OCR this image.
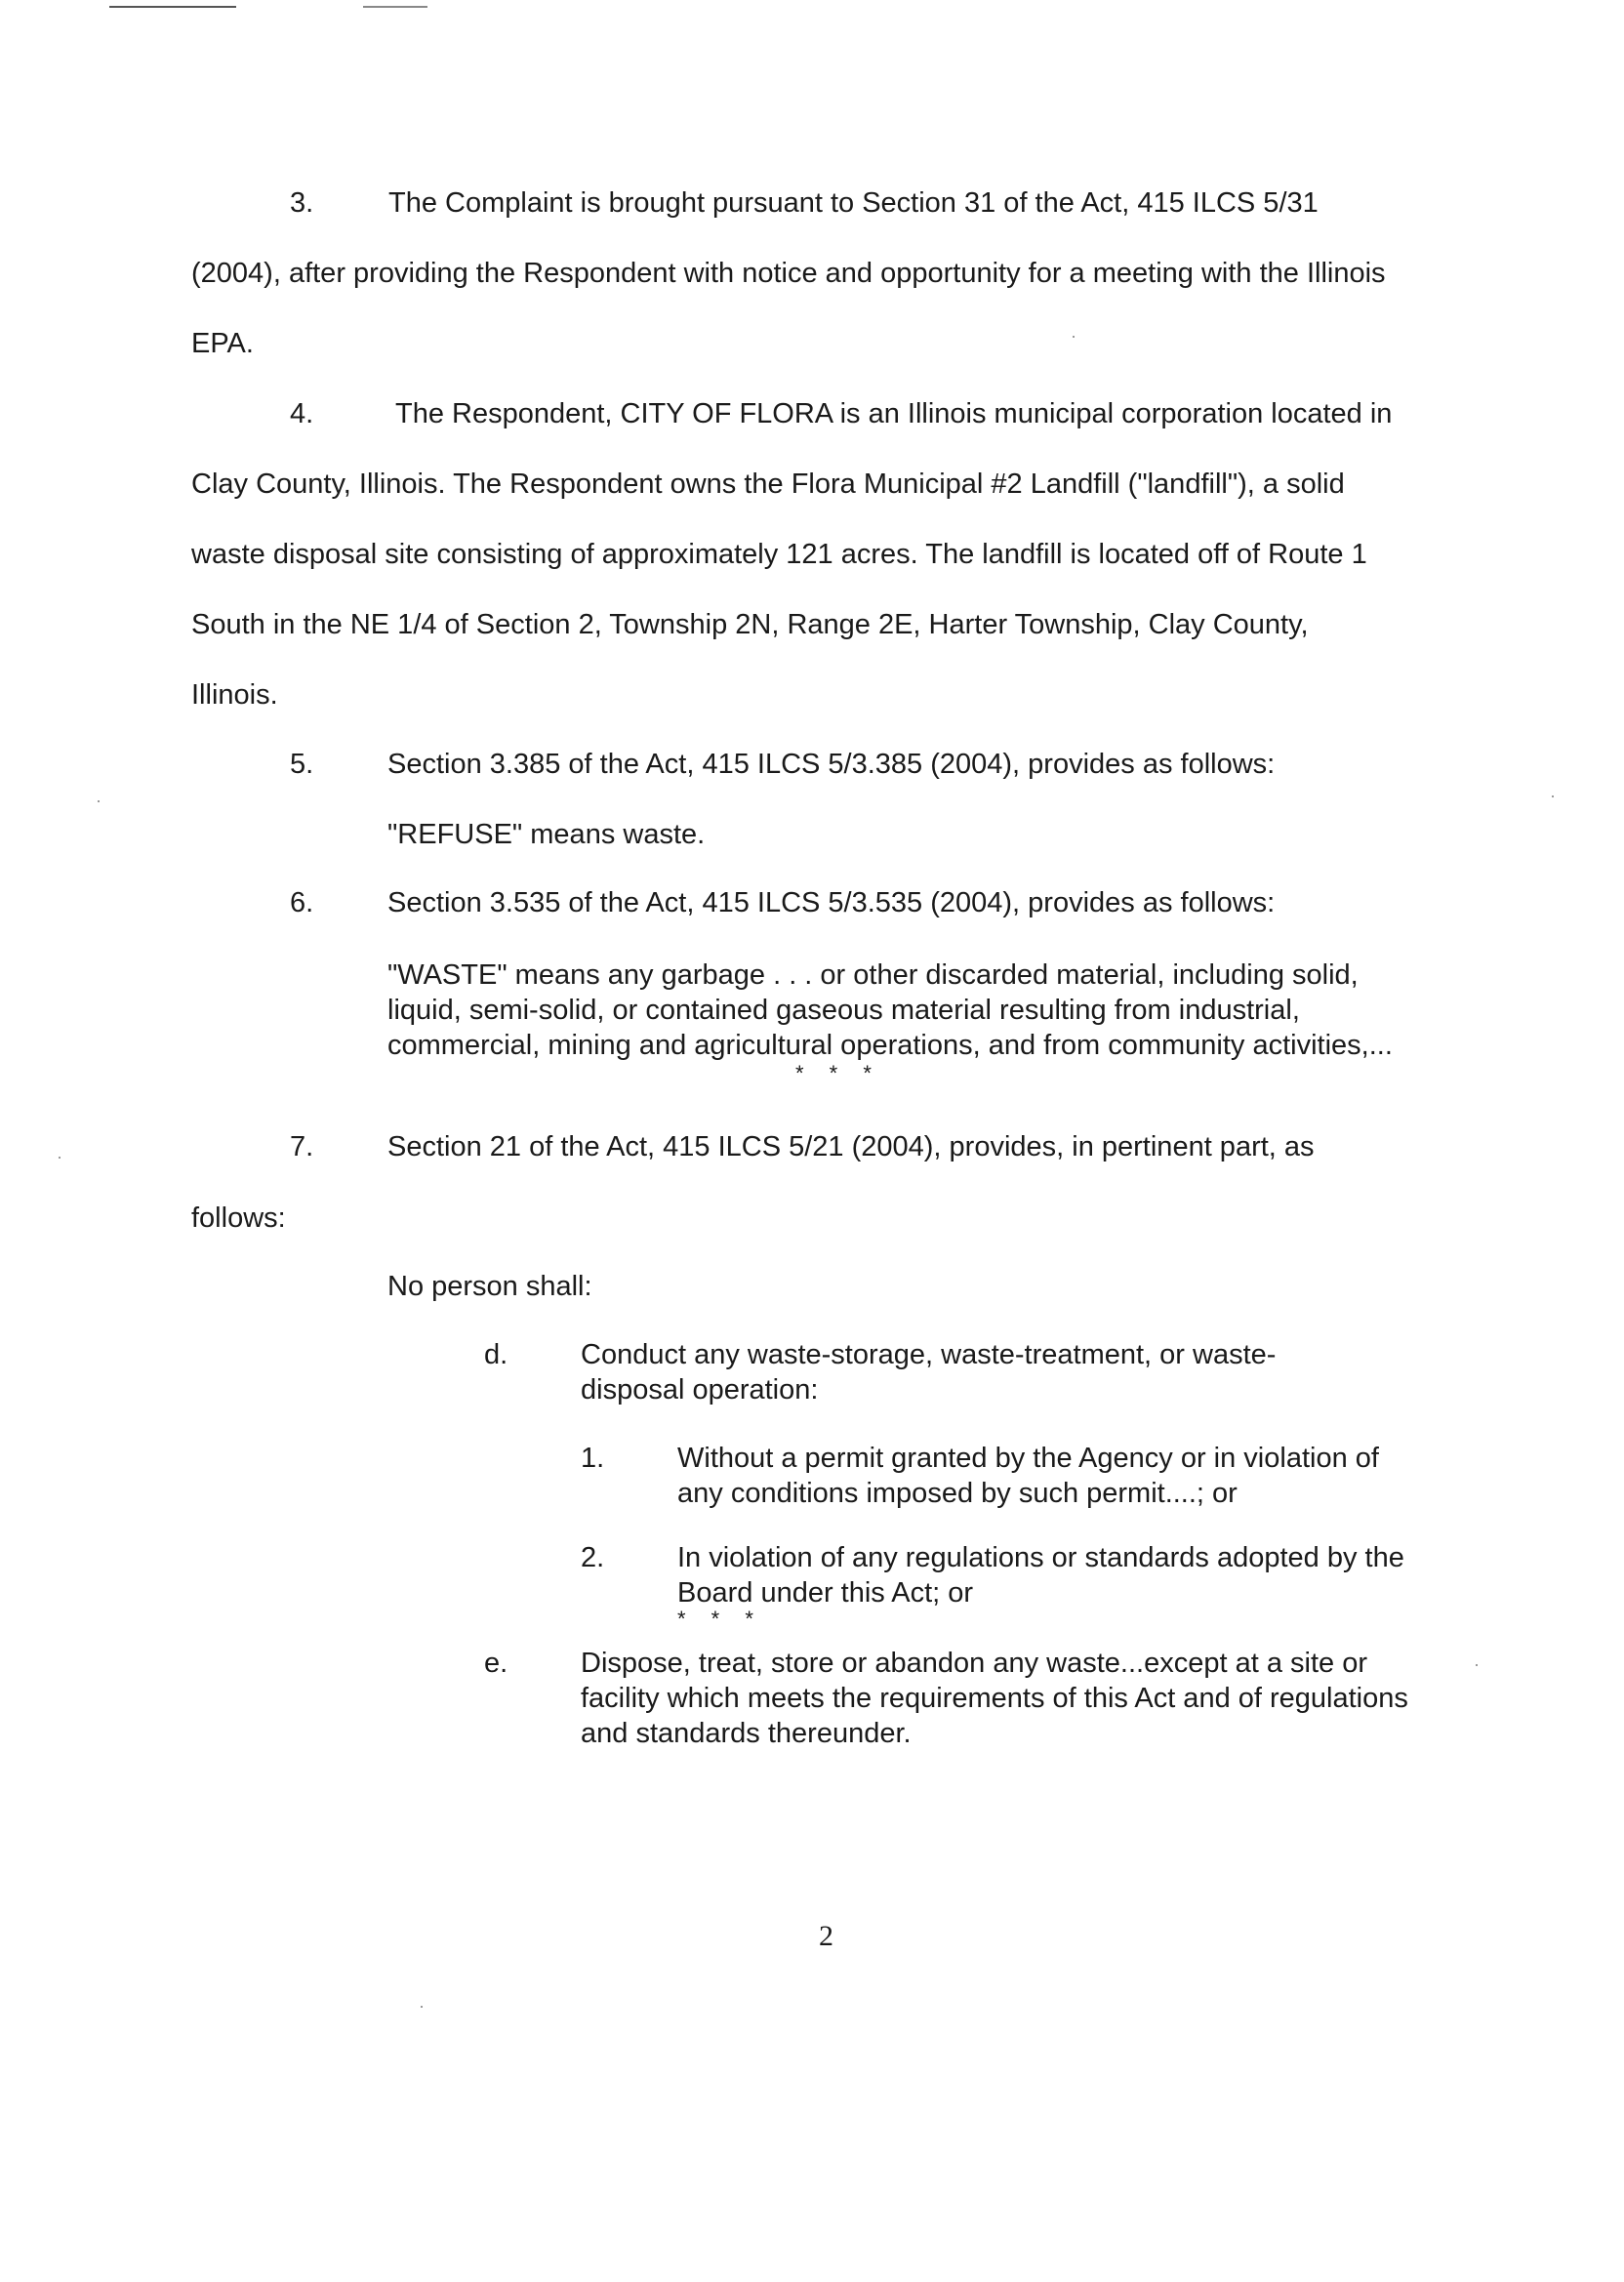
3.	The Complaint is brought pursuant to Section 31 of the Act, 415 ILCS 5/31
(2004), after providing the Respondent with notice and opportunity for a meeting with the Illinois
EPA.
4.	The Respondent, CITY OF FLORA is an Illinois municipal corporation located in
Clay County, Illinois. The Respondent owns the Flora Municipal #2 Landfill ("landfill"), a solid
waste disposal site consisting of approximately 121 acres. The landfill is located off of Route 1
South in the NE 1/4 of Section 2, Township 2N, Range 2E, Harter Township, Clay County,
Illinois.
5.	Section 3.385 of the Act, 415 ILCS 5/3.385 (2004), provides as follows:
"REFUSE" means waste.
6.	Section 3.535 of the Act, 415 ILCS 5/3.535 (2004), provides as follows:
"WASTE" means any garbage . . . or other discarded material, including solid,
liquid, semi-solid, or contained gaseous material resulting from industrial,
commercial, mining and agricultural operations, and from community activities,...
* * *
7.	Section 21 of the Act, 415 ILCS 5/21 (2004), provides, in pertinent part, as
follows:
No person shall:
d.	Conduct any waste-storage, waste-treatment, or waste-
disposal operation:
1.	Without a permit granted by the Agency or in violation of
any conditions imposed by such permit....; or
2.	In violation of any regulations or standards adopted by the
Board under this Act; or
* * *
e.	Dispose, treat, store or abandon any waste...except at a site or
facility which meets the requirements of this Act and of regulations
and standards thereunder.
2
